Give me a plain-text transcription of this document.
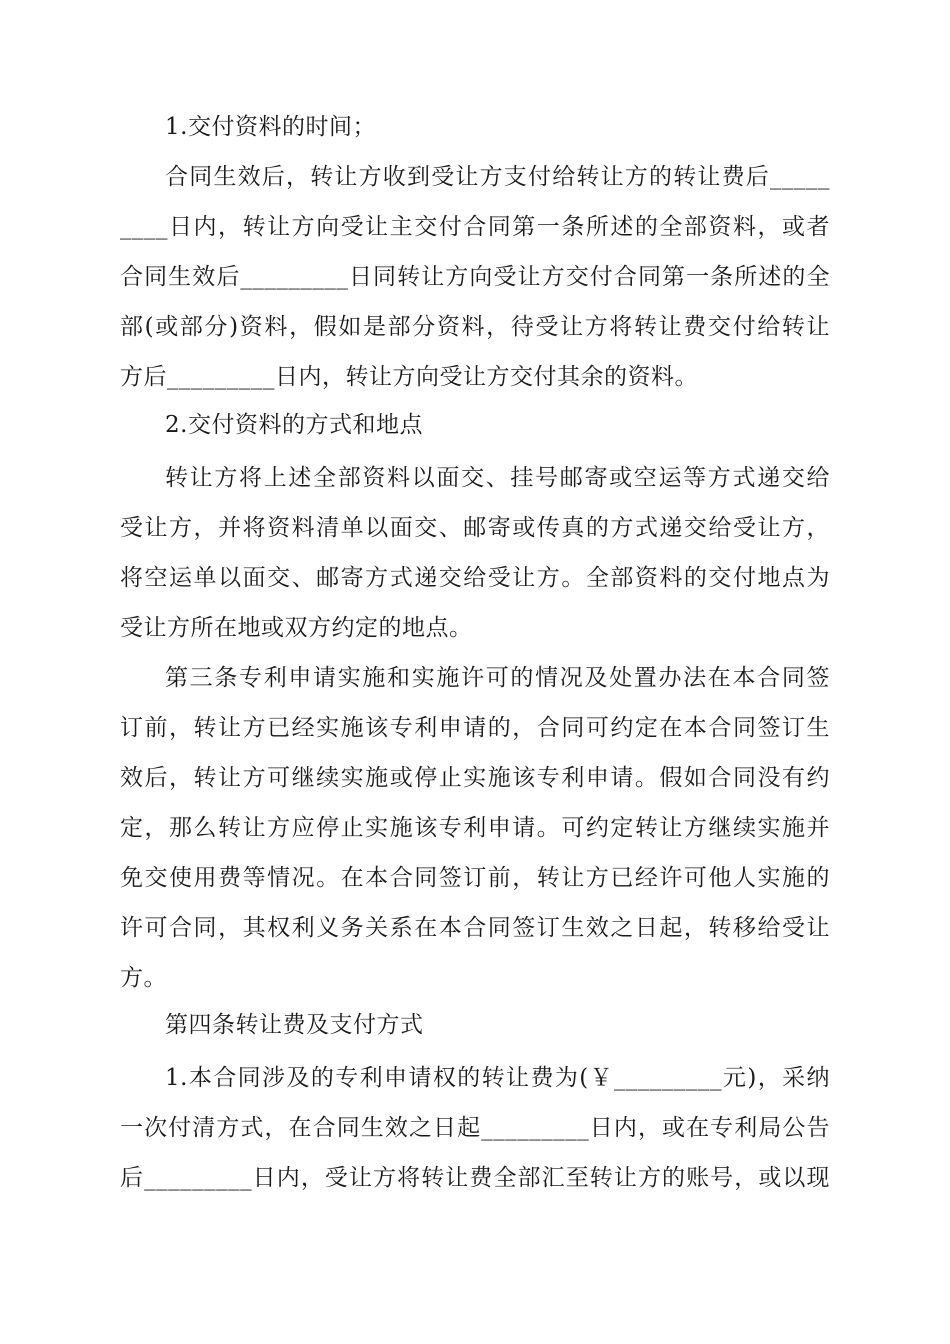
1.交付资料的时间；
合同生效后，转让方收到受让方支付给转让方的转让费后_____
____日内，转让方向受让主交付合同第一条所述的全部资料，或者
合同生效后_________日同转让方向受让方交付合同第一条所述的全
部(或部分)资料，假如是部分资料，待受让方将转让费交付给转让
方后_________日内，转让方向受让方交付其余的资料。
2.交付资料的方式和地点
转让方将上述全部资料以面交、挂号邮寄或空运等方式递交给
受让方，并将资料清单以面交、邮寄或传真的方式递交给受让方，
将空运单以面交、邮寄方式递交给受让方。全部资料的交付地点为
受让方所在地或双方约定的地点。
第三条专利申请实施和实施许可的情况及处置办法在本合同签
订前，转让方已经实施该专利申请的，合同可约定在本合同签订生
效后，转让方可继续实施或停止实施该专利申请。假如合同没有约
定，那么转让方应停止实施该专利申请。可约定转让方继续实施并
免交使用费等情况。在本合同签订前，转让方已经许可他人实施的
许可合同，其权利义务关系在本合同签订生效之日起，转移给受让
方。
第四条转让费及支付方式
1.本合同涉及的专利申请权的转让费为(￥_________元)，采纳
一次付清方式，在合同生效之日起_________日内，或在专利局公告
后_________日内，受让方将转让费全部汇至转让方的账号，或以现
